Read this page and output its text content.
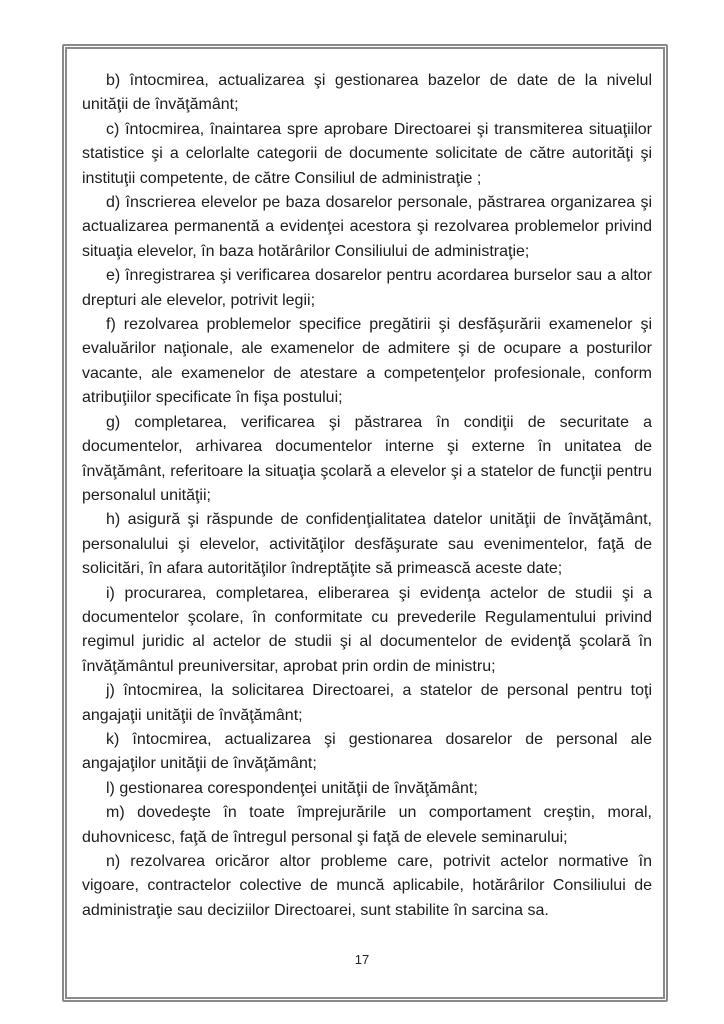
b) întocmirea, actualizarea şi gestionarea bazelor de date de la nivelul unităţii de învăţământ;

c) întocmirea, înaintarea spre aprobare Directoarei şi transmiterea situaţiilor statistice şi a celorlalte categorii de documente solicitate de către autorităţi şi instituţii competente, de către Consiliul de administraţie ;

d) înscrierea elevelor pe baza dosarelor personale, păstrarea organizarea şi actualizarea permanentă a evidenţei acestora şi rezolvarea problemelor privind situaţia elevelor, în baza hotărârilor Consiliului de administraţie;

e) înregistrarea şi verificarea dosarelor pentru acordarea burselor sau a altor drepturi ale elevelor, potrivit legii;

f) rezolvarea problemelor specifice pregătirii şi desfăşurării examenelor şi evaluărilor naţionale, ale examenelor de admitere şi de ocupare a posturilor vacante, ale examenelor de atestare a competenţelor profesionale, conform atribuţiilor specificate în fişa postului;

g) completarea, verificarea şi păstrarea în condiţii de securitate a documentelor, arhivarea documentelor interne şi externe în unitatea de învăţământ, referitoare la situaţia şcolară a elevelor şi a statelor de funcţii pentru personalul unităţii;

h) asigură şi răspunde de confidenţialitatea datelor unităţii de învăţământ, personalului şi elevelor, activităţilor desfăşurate sau evenimentelor, faţă de solicitări, în afara autorităţilor îndreptăţite să primească aceste date;

i) procurarea, completarea, eliberarea şi evidenţa actelor de studii şi a documentelor şcolare, în conformitate cu prevederile Regulamentului privind regimul juridic al actelor de studii şi al documentelor de evidenţă şcolară în învăţământul preuniversitar, aprobat prin ordin de ministru;

j) întocmirea, la solicitarea Directoarei, a statelor de personal pentru toţi angajaţii unităţii de învăţământ;

k) întocmirea, actualizarea şi gestionarea dosarelor de personal ale angajaţilor unităţii de învăţământ;

l) gestionarea corespondenţei unităţii de învăţământ;

m) dovedeşte în toate împrejurările un comportament creştin, moral, duhovnicesc, faţă de întregul personal şi faţă de elevele seminarului;

n) rezolvarea oricăror altor probleme care, potrivit actelor normative în vigoare, contractelor colective de muncă aplicabile, hotărârilor Consiliului de administraţie sau deciziilor Directoarei, sunt stabilite în sarcina sa.

17
